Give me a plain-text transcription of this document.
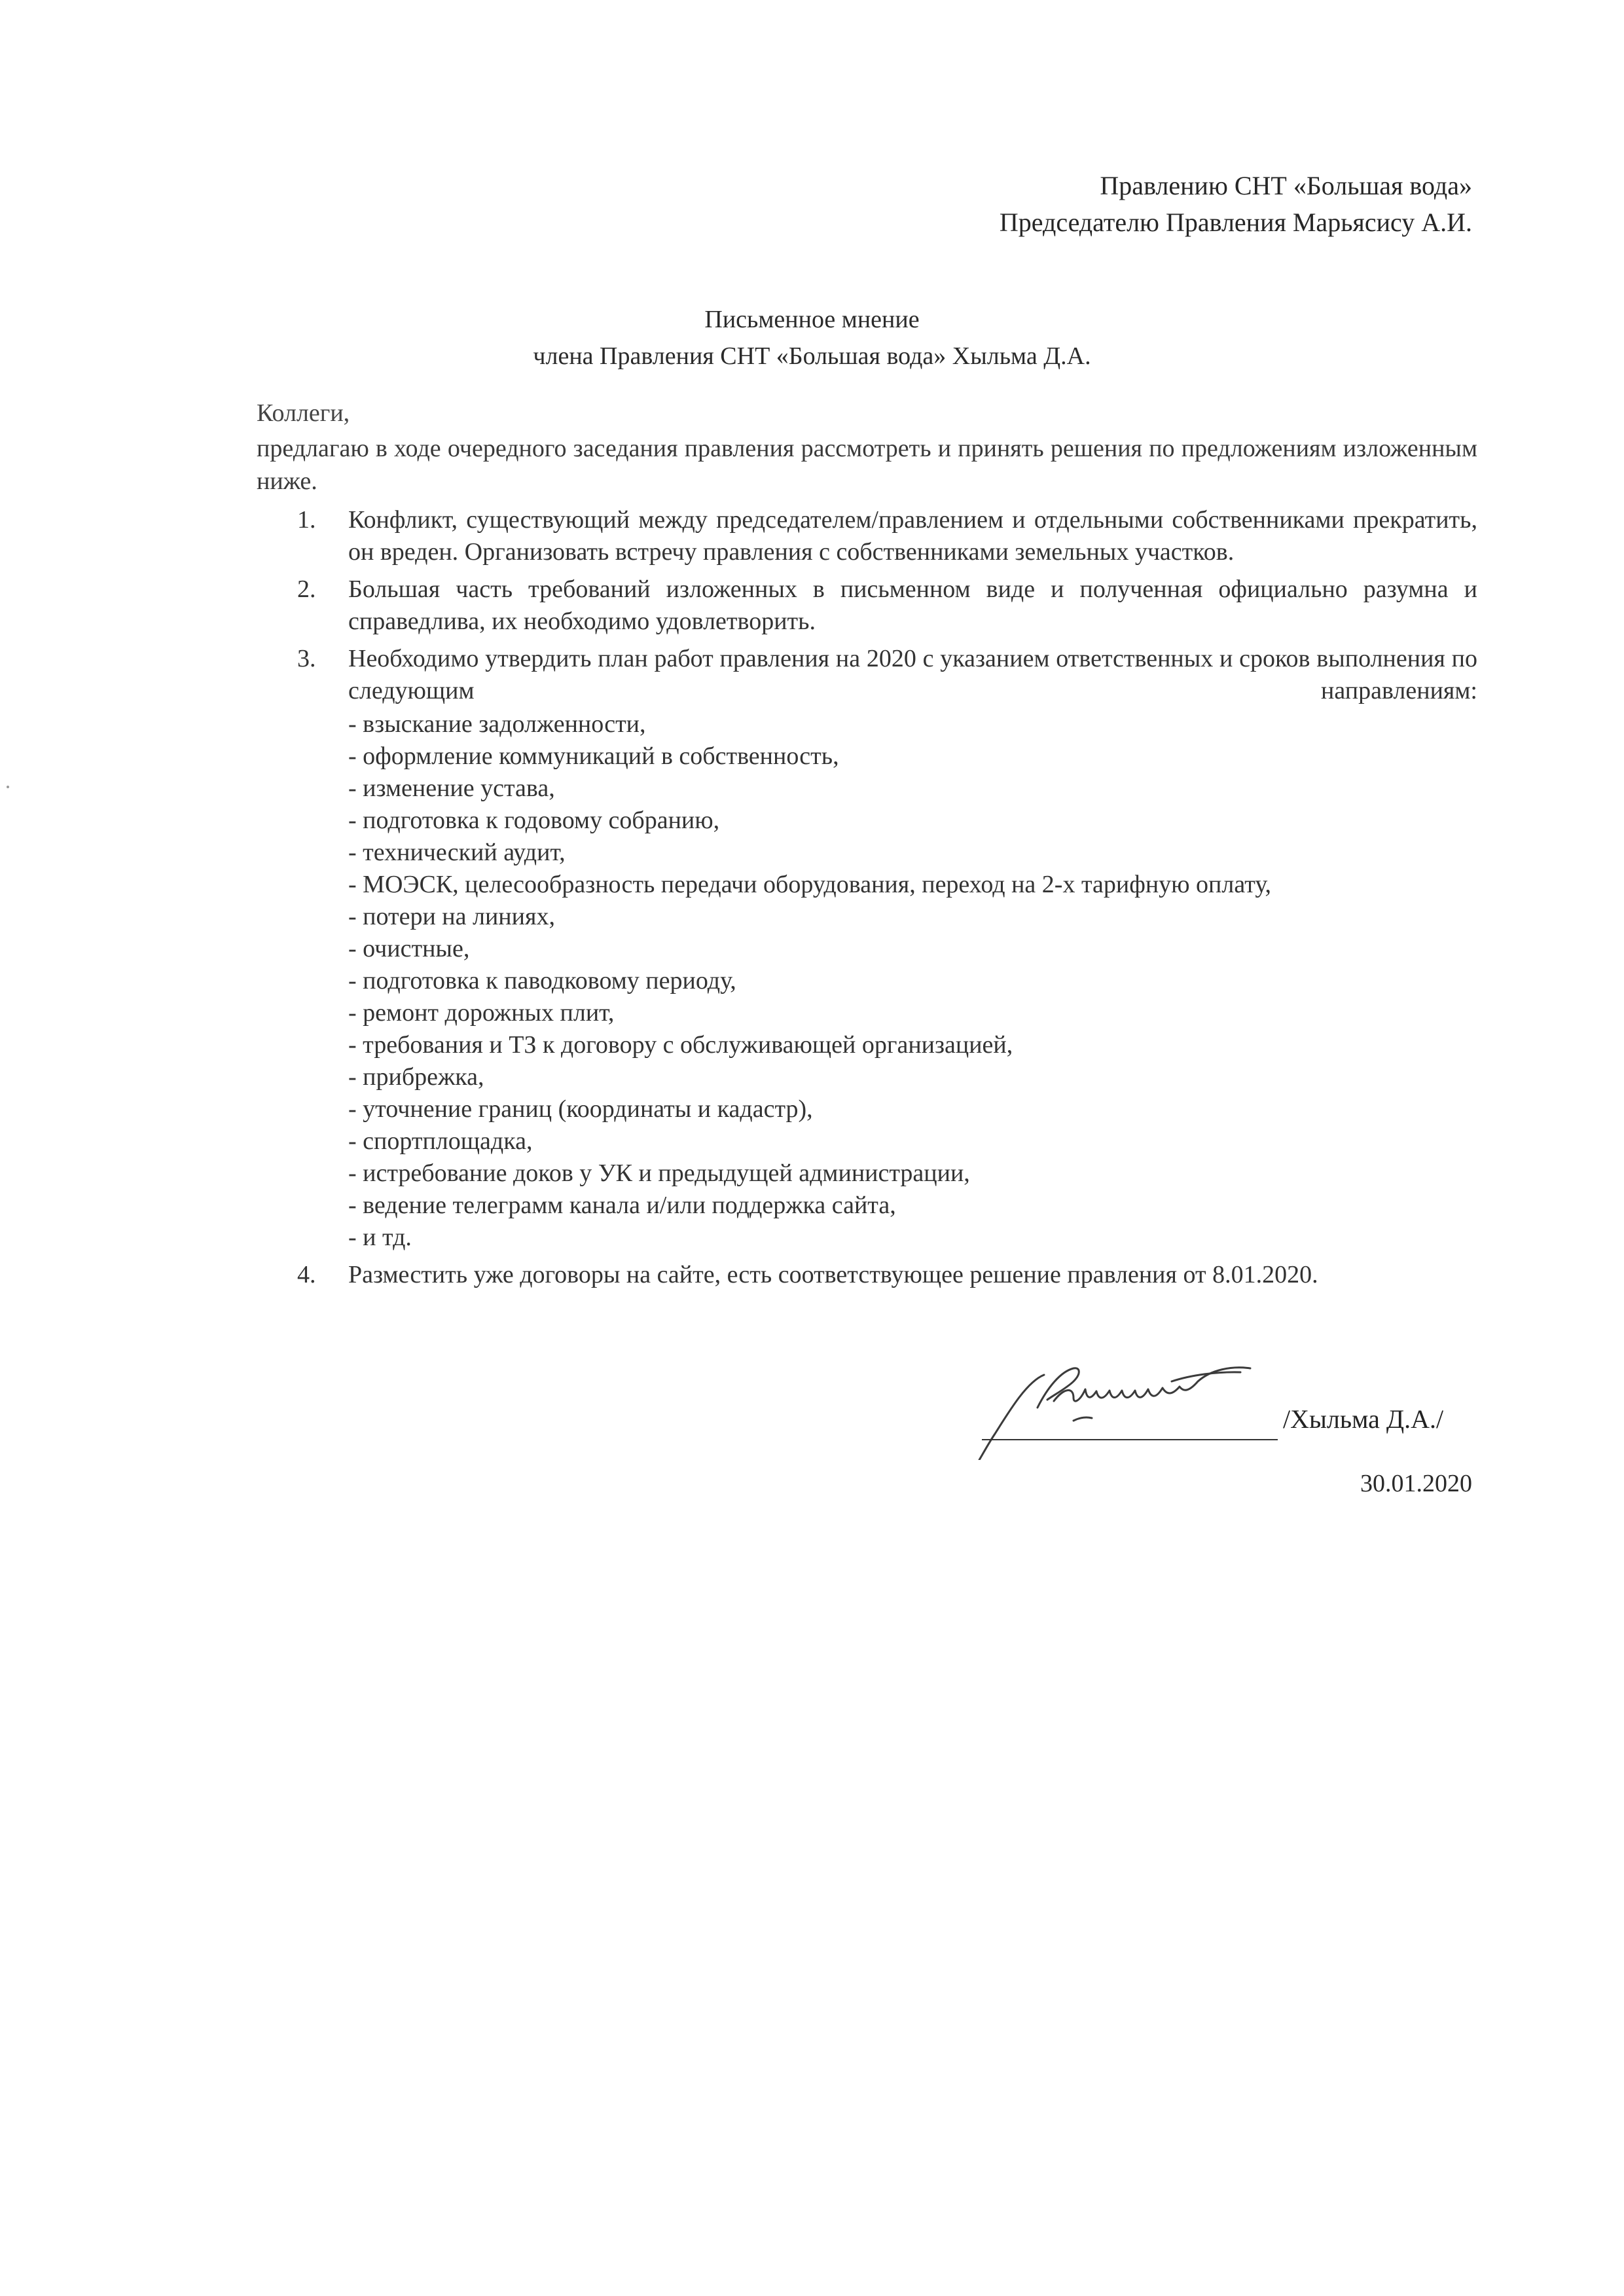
Правлению СНТ «Большая вода»
Председателю Правления Марьясису А.И.
Письменное мнение
члена Правления СНТ «Большая вода» Хыльма Д.А.
Коллеги,
предлагаю в ходе очередного заседания правления рассмотреть и принять решения по предложениям изложенным ниже.
1. Конфликт, существующий между председателем/правлением и отдельными собственниками прекратить, он вреден. Организовать встречу правления с собственниками земельных участков.
2. Большая часть требований изложенных в письменном виде и полученная официально разумна и справедлива, их необходимо удовлетворить.
3. Необходимо утвердить план работ правления на 2020 с указанием ответственных и сроков выполнения по следующим направлениям:
- взыскание задолженности,
- оформление коммуникаций в собственность,
- изменение устава,
- подготовка к годовому собранию,
- технический аудит,
- МОЭСК, целесообразность передачи оборудования, переход на 2-х тарифную оплату,
- потери на линиях,
- очистные,
- подготовка к паводковому периоду,
- ремонт дорожных плит,
- требования и ТЗ к договору с обслуживающей организацией,
- прибрежка,
- уточнение границ (координаты и кадастр),
- спортплощадка,
- истребование доков у УК и предыдущей администрации,
- ведение телеграмм канала и/или поддержка сайта,
- и тд.
4. Разместить уже договоры на сайте, есть соответствующее решение правления от 8.01.2020.
/Хыльма Д.А./
30.01.2020
